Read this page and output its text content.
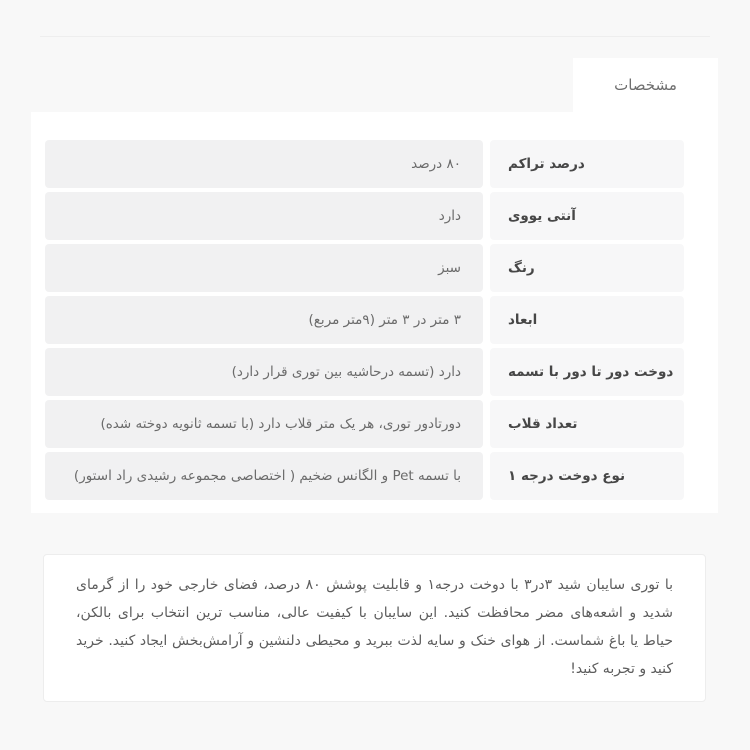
مشخصات
درصد تراکم
۸۰ درصد
آنتی یووی
دارد
رنگ
سبز
ابعاد
۳ متر در ۳ متر (۹متر مربع)
دوخت دور تا دور با تسمه
دارد (تسمه درحاشیه بین توری قرار دارد)
تعداد قلاب
دورتادور توری، هر یک متر قلاب دارد (با تسمه ثانویه دوخته شده)
نوع دوخت درجه ۱
با تسمه Pet و الگانس ضخیم ( اختصاصی مجموعه رشیدی راد استور)

با توری سایبان شید ۳در۳ با دوخت درجه۱ و قابلیت پوشش ۸۰ درصد، فضای خارجی خود را از گرمای شدید و اشعه‌های مضر محافظت کنید. این سایبان با کیفیت عالی، مناسب ترین انتخاب برای بالکن، حیاط یا باغ شماست. از هوای خنک و سایه لذت ببرید و محیطی دلنشین و آرامش‌بخش ایجاد کنید. خرید کنید و تجربه کنید!
